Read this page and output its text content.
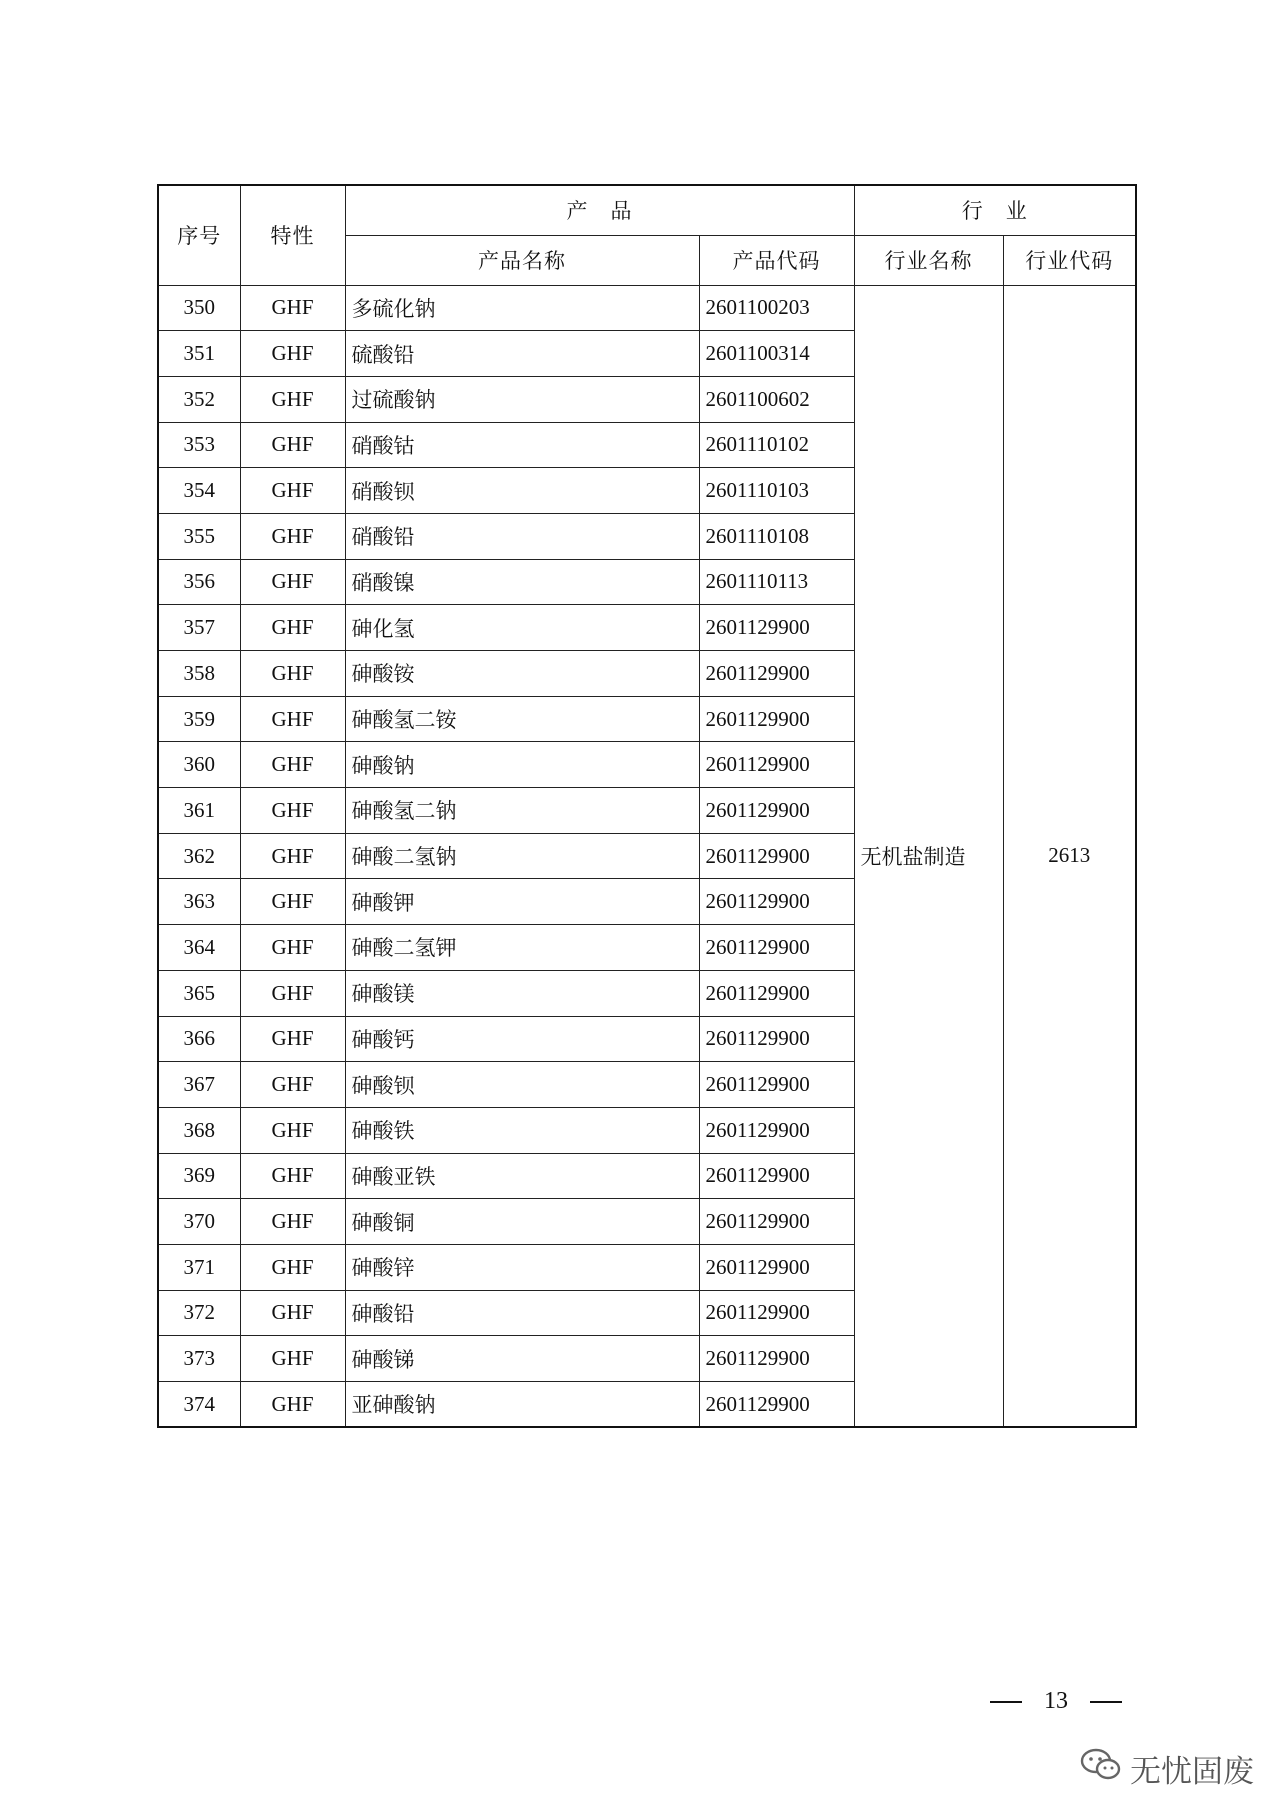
序号	特性	产　品		行　业	
		产品名称	产品代码	行业名称	行业代码
350	GHF	多硫化钠	2601100203	无机盐制造	2613
351	GHF	硫酸铅	2601100314		
352	GHF	过硫酸钠	2601100602		
353	GHF	硝酸钴	2601110102		
354	GHF	硝酸钡	2601110103		
355	GHF	硝酸铅	2601110108		
356	GHF	硝酸镍	2601110113		
357	GHF	砷化氢	2601129900		
358	GHF	砷酸铵	2601129900		
359	GHF	砷酸氢二铵	2601129900		
360	GHF	砷酸钠	2601129900		
361	GHF	砷酸氢二钠	2601129900		
362	GHF	砷酸二氢钠	2601129900		
363	GHF	砷酸钾	2601129900		
364	GHF	砷酸二氢钾	2601129900		
365	GHF	砷酸镁	2601129900		
366	GHF	砷酸钙	2601129900		
367	GHF	砷酸钡	2601129900		
368	GHF	砷酸铁	2601129900		
369	GHF	砷酸亚铁	2601129900		
370	GHF	砷酸铜	2601129900		
371	GHF	砷酸锌	2601129900		
372	GHF	砷酸铅	2601129900		
373	GHF	砷酸锑	2601129900		
374	GHF	亚砷酸钠	2601129900		
13
无忧固废
